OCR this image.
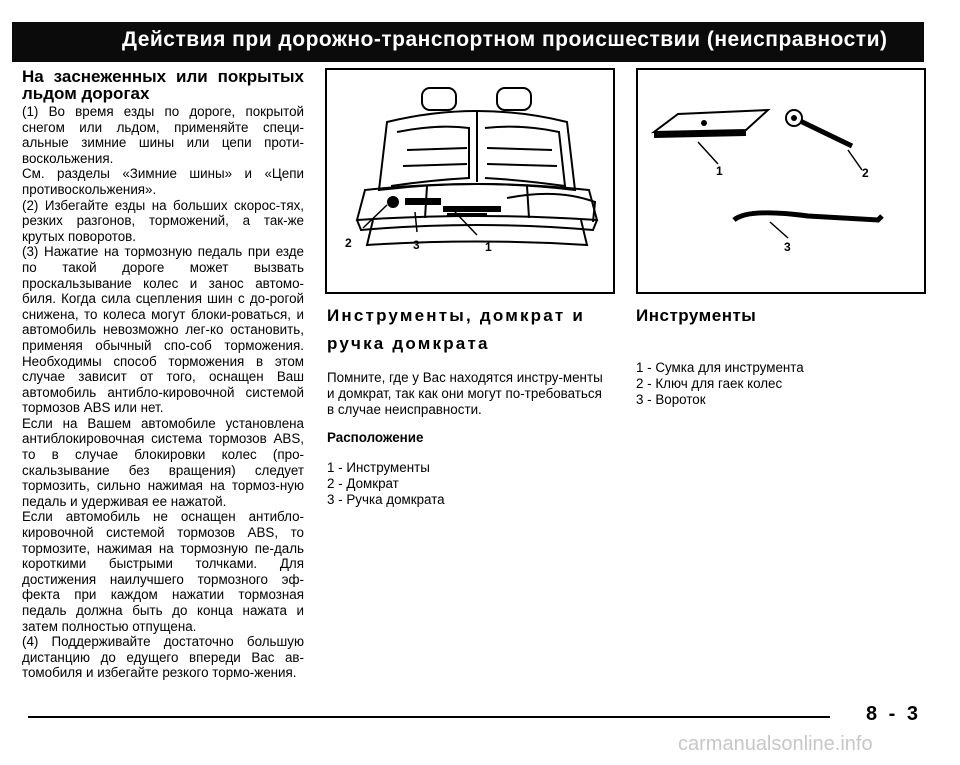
Действия при дорожно-транспортном происшествии (неисправности)
На заснеженных или покрытых льдом дорогах

(1) Во время езды по дороге, покрытой снегом или льдом, применяйте специ-альные зимние шины или цепи проти-воскольжения.

См. разделы «Зимние шины» и «Цепи противоскольжения».

(2) Избегайте езды на больших скорос-тях, резких разгонов, торможений, а так-же крутых поворотов.

(3) Нажатие на тормозную педаль при езде по такой дороге может вызвать проскальзывание колес и занос автомо-биля. Когда сила сцепления шин с до-рогой снижена, то колеса могут блоки-роваться, и автомобиль невозможно лег-ко остановить, применяя обычный спо-соб торможения. Необходимы способ торможения в этом случае зависит от того, оснащен Ваш автомобиль антибло-кировочной системой тормозов ABS или нет.

Если на Вашем автомобиле установлена антиблокировочная система тормозов ABS, то в случае блокировки колес (про-скальзывание без вращения) следует тормозить, сильно нажимая на тормоз-ную педаль и удерживая ее нажатой.

Если автомобиль не оснащен антибло-кировочной системой тормозов ABS, то тормозите, нажимая на тормозную пе-даль короткими быстрыми толчками. Для достижения наилучшего тормозного эф-фекта при каждом нажатии тормозная педаль должна быть до конца нажата и затем полностью отпущена.

(4) Поддерживайте достаточно большую дистанцию до едущего впереди Вас ав-томобиля и избегайте резкого тормо-жения.

2	3	1
1	2
3
Инструменты, домкрат и ручка домкрата
Помните, где у Вас находятся инстру-менты и домкрат, так как они могут по-требоваться в случае неисправности.
Расположение
1 - Инструменты
2 - Домкрат
3 - Ручка домкрата
Инструменты
1 - Сумка для инструмента
2 - Ключ для гаек колес
3 - Вороток
8 - 3
carmanualsonline.info
